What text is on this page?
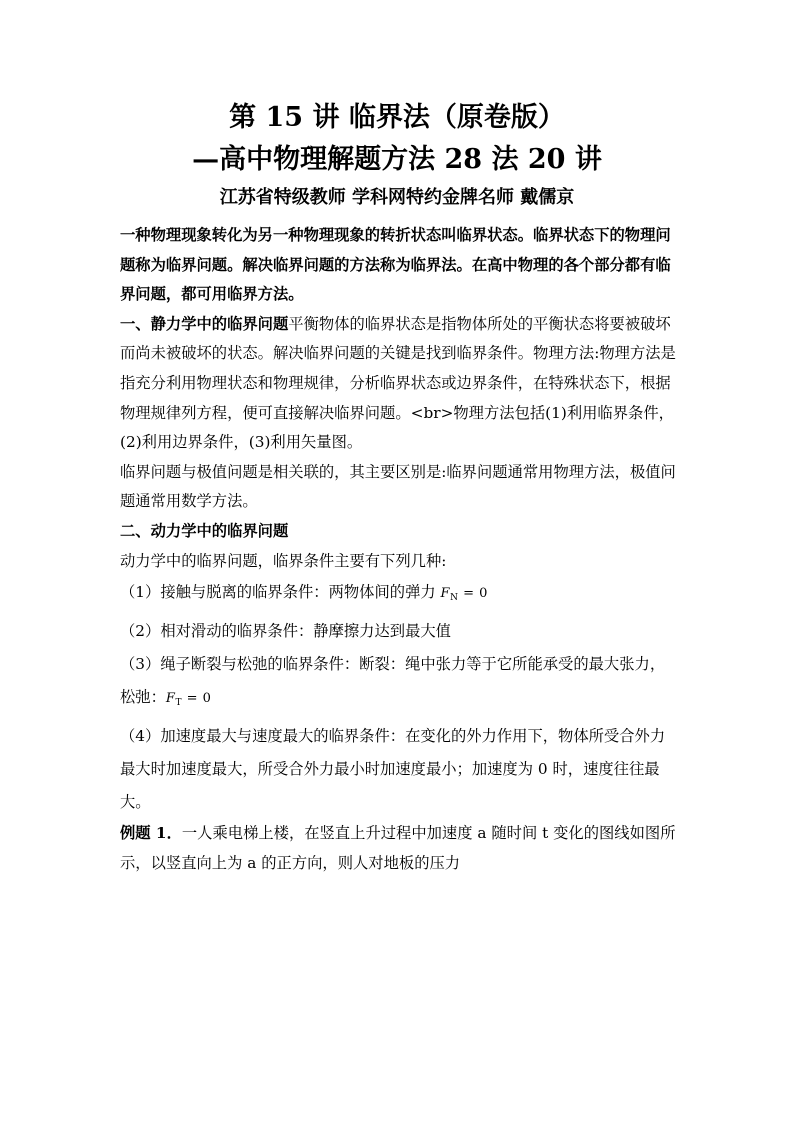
第 15 讲 临界法（原卷版）
—高中物理解题方法 28 法 20 讲
江苏省特级教师 学科网特约金牌名师 戴儒京

一种物理现象转化为另一种物理现象的转折状态叫临界状态。临界状态下的物理问题称为临界问题。解决临界问题的方法称为临界法。在高中物理的各个部分都有临界问题，都可用临界方法。

一、静力学中的临界问题平衡物体的临界状态是指物体所处的平衡状态将要被破坏而尚未被破坏的状态。解决临界问题的关键是找到临界条件。物理方法:物理方法是指充分利用物理状态和物理规律，分析临界状态或边界条件，在特殊状态下，根据物理规律列方程，便可直接解决临界问题。<br>物理方法包括(1)利用临界条件，(2)利用边界条件，(3)利用矢量图。

临界问题与极值问题是相关联的，其主要区别是:临界问题通常用物理方法，极值问题通常用数学方法。

二、动力学中的临界问题

动力学中的临界问题，临界条件主要有下列几种:

（1）接触与脱离的临界条件：两物体间的弹力 $F_N = 0$

（2）相对滑动的临界条件：静摩擦力达到最大值

（3）绳子断裂与松弛的临界条件：断裂：绳中张力等于它所能承受的最大张力，松弛：$F_T = 0$

（4）加速度最大与速度最大的临界条件：在变化的外力作用下，物体所受合外力最大时加速度最大，所受合外力最小时加速度最小；加速度为 0 时，速度往往最大。

例题 1．一人乘电梯上楼，在竖直上升过程中加速度 a 随时间 t 变化的图线如图所示，以竖直向上为 a 的正方向，则人对地板的压力
